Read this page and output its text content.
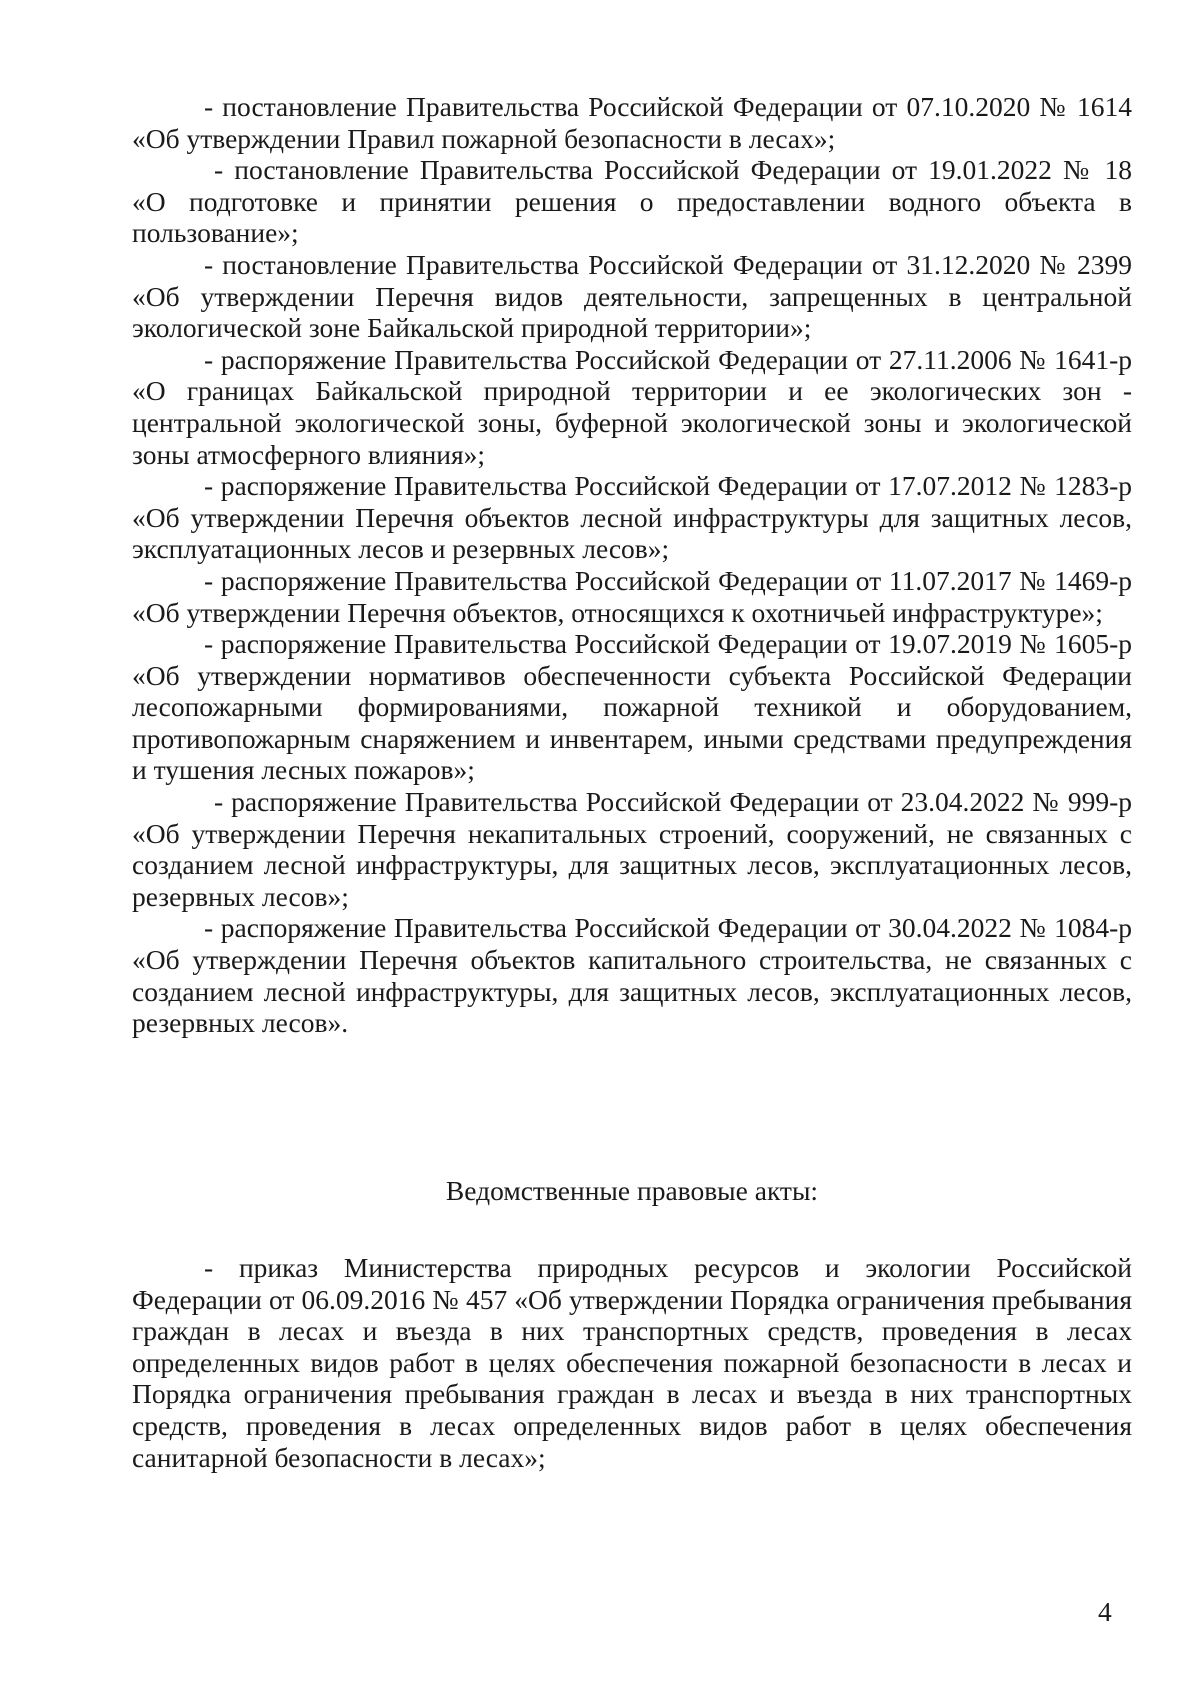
- постановление Правительства Российской Федерации от 07.10.2020 № 1614 «Об утверждении Правил пожарной безопасности в лесах»;

- постановление Правительства Российской Федерации от 19.01.2022 № 18 «О подготовке и принятии решения о предоставлении водного объекта в пользование»;

- постановление Правительства Российской Федерации от 31.12.2020 № 2399 «Об утверждении Перечня видов деятельности, запрещенных в центральной экологической зоне Байкальской природной территории»;

- распоряжение Правительства Российской Федерации от 27.11.2006 № 1641-р «О границах Байкальской природной территории и ее экологических зон - центральной экологической зоны, буферной экологической зоны и экологической зоны атмосферного влияния»;

- распоряжение Правительства Российской Федерации от 17.07.2012 № 1283-р «Об утверждении Перечня объектов лесной инфраструктуры для защитных лесов, эксплуатационных лесов и резервных лесов»;

- распоряжение Правительства Российской Федерации от 11.07.2017 № 1469-р «Об утверждении Перечня объектов, относящихся к охотничьей инфраструктуре»;

- распоряжение Правительства Российской Федерации от 19.07.2019 № 1605-р «Об утверждении нормативов обеспеченности субъекта Российской Федерации лесопожарными формированиями, пожарной техникой и оборудованием, противопожарным снаряжением и инвентарем, иными средствами предупреждения и тушения лесных пожаров»;

- распоряжение Правительства Российской Федерации от 23.04.2022 № 999-р «Об утверждении Перечня некапитальных строений, сооружений, не связанных с созданием лесной инфраструктуры, для защитных лесов, эксплуатационных лесов, резервных лесов»;

- распоряжение Правительства Российской Федерации от 30.04.2022 № 1084-р «Об утверждении Перечня объектов капитального строительства, не связанных с созданием лесной инфраструктуры, для защитных лесов, эксплуатационных лесов, резервных лесов».

Ведомственные правовые акты:

- приказ Министерства природных ресурсов и экологии Российской Федерации от 06.09.2016 № 457 «Об утверждении Порядка ограничения пребывания граждан в лесах и въезда в них транспортных средств, проведения в лесах определенных видов работ в целях обеспечения пожарной безопасности в лесах и Порядка ограничения пребывания граждан в лесах и въезда в них транспортных средств, проведения в лесах определенных видов работ в целях обеспечения санитарной безопасности в лесах»;

4
